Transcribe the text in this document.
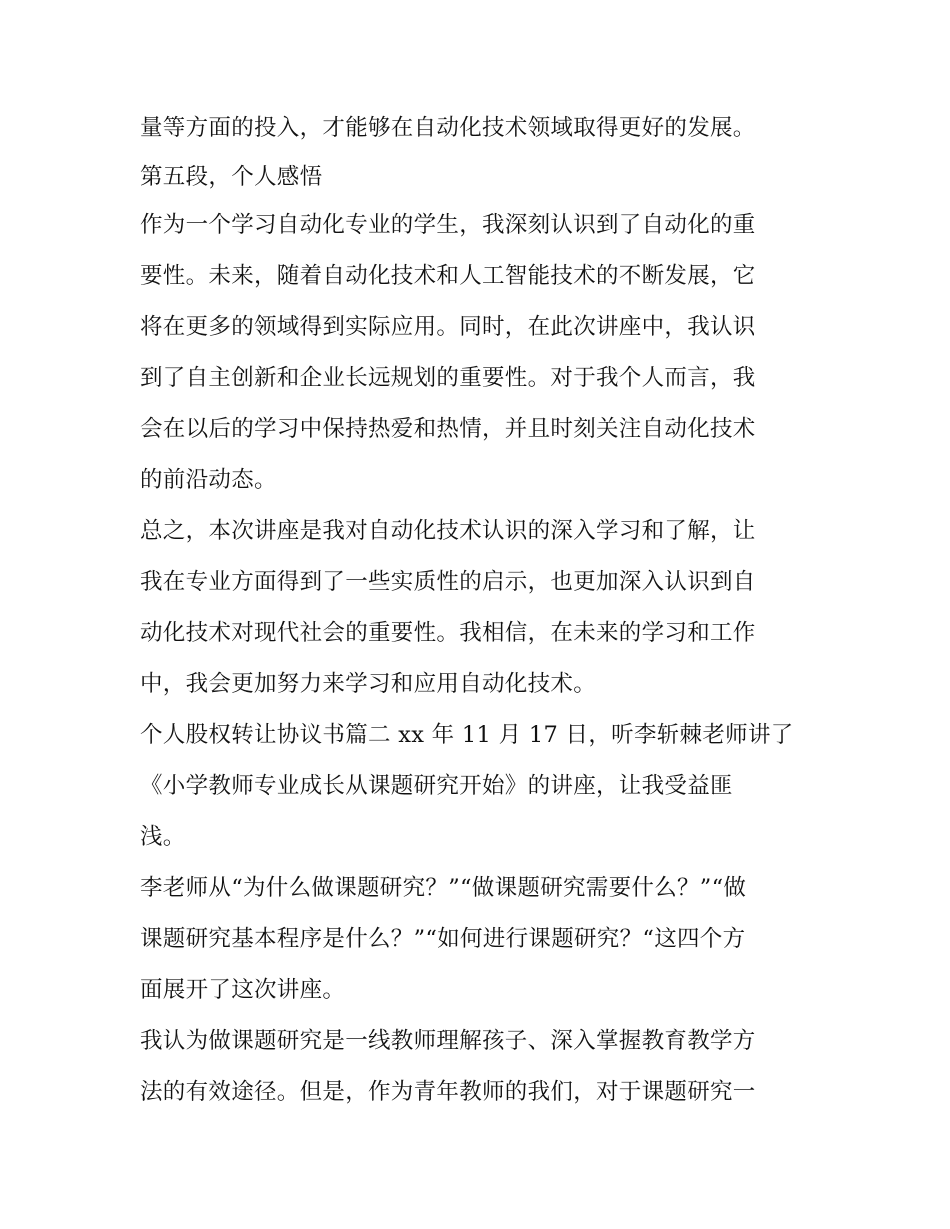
量等方面的投入，才能够在自动化技术领域取得更好的发展。
第五段，个人感悟
作为一个学习自动化专业的学生，我深刻认识到了自动化的重
要性。未来，随着自动化技术和人工智能技术的不断发展，它
将在更多的领域得到实际应用。同时，在此次讲座中，我认识
到了自主创新和企业长远规划的重要性。对于我个人而言，我
会在以后的学习中保持热爱和热情，并且时刻关注自动化技术
的前沿动态。
总之，本次讲座是我对自动化技术认识的深入学习和了解，让
我在专业方面得到了一些实质性的启示，也更加深入认识到自
动化技术对现代社会的重要性。我相信，在未来的学习和工作
中，我会更加努力来学习和应用自动化技术。
个人股权转让协议书篇二 xx 年 11 月 17 日，听李斩棘老师讲了
《小学教师专业成长从课题研究开始》的讲座，让我受益匪
浅。
李老师从“为什么做课题研究？”“做课题研究需要什么？”“做
课题研究基本程序是什么？”“如何进行课题研究？“这四个方
面展开了这次讲座。
我认为做课题研究是一线教师理解孩子、深入掌握教育教学方
法的有效途径。但是，作为青年教师的我们，对于课题研究一
